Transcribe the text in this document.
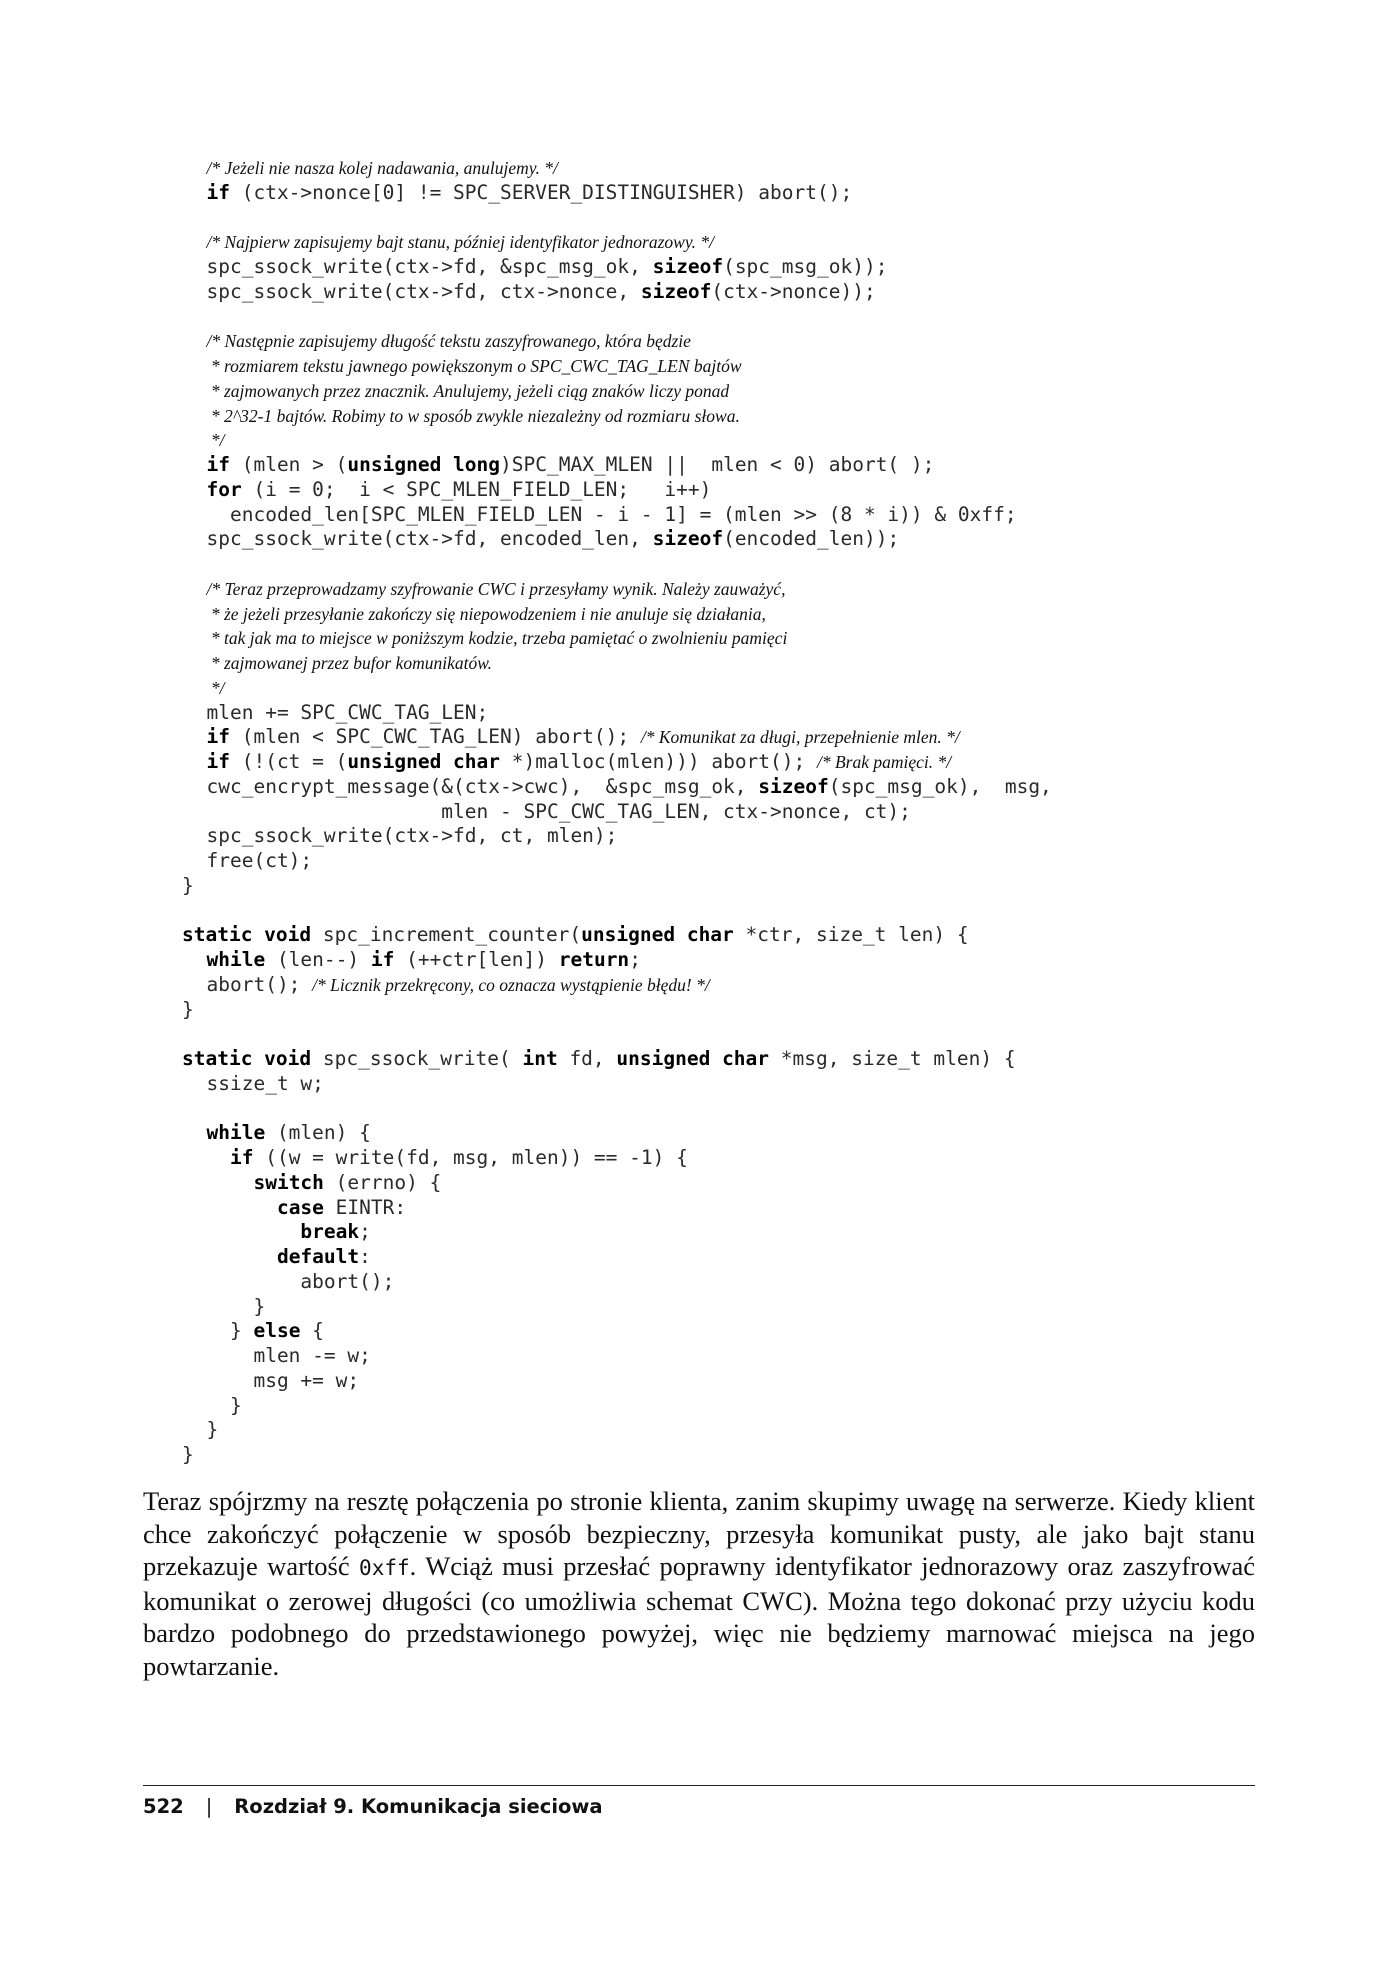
/* Jeżeli nie nasza kolej nadawania, anulujemy. */
if (ctx->nonce[0] != SPC_SERVER_DISTINGUISHER) abort();
/* Najpierw zapisujemy bajt stanu, później identyfikator jednorazowy. */
spc_ssock_write(ctx->fd, &spc_msg_ok, sizeof(spc_msg_ok));
spc_ssock_write(ctx->fd, ctx->nonce, sizeof(ctx->nonce));
/* Następnie zapisujemy długość tekstu zaszyfrowanego, która będzie
* rozmiarem tekstu jawnego powiększonym o SPC_CWC_TAG_LEN bajtów
* zajmowanych przez znacznik. Anulujemy, jeżeli ciąg znaków liczy ponad
* 2^32-1 bajtów. Robimy to w sposób zwykle niezależny od rozmiaru słowa.
*/
if (mlen > (unsigned long)SPC_MAX_MLEN ||  mlen < 0) abort( );
for (i = 0;  i < SPC_MLEN_FIELD_LEN;   i++)
encoded_len[SPC_MLEN_FIELD_LEN - i - 1] = (mlen >> (8 * i)) & 0xff;
spc_ssock_write(ctx->fd, encoded_len, sizeof(encoded_len));
/* Teraz przeprowadzamy szyfrowanie CWC i przesyłamy wynik. Należy zauważyć,
* że jeżeli przesyłanie zakończy się niepowodzeniem i nie anuluje się działania,
* tak jak ma to miejsce w poniższym kodzie, trzeba pamiętać o zwolnieniu pamięci
* zajmowanej przez bufor komunikatów.
*/
mlen += SPC_CWC_TAG_LEN;
if (mlen < SPC_CWC_TAG_LEN) abort(); /* Komunikat za długi, przepełnienie mlen. */
if (!(ct = (unsigned char *)malloc(mlen))) abort(); /* Brak pamięci. */
cwc_encrypt_message(&(ctx->cwc),  &spc_msg_ok, sizeof(spc_msg_ok),  msg,
mlen - SPC_CWC_TAG_LEN, ctx->nonce, ct);
spc_ssock_write(ctx->fd, ct, mlen);
free(ct);
}
static void spc_increment_counter(unsigned char *ctr, size_t len) {
while (len--) if (++ctr[len]) return;
abort(); /* Licznik przekręcony, co oznacza wystąpienie błędu! */
}
static void spc_ssock_write( int fd, unsigned char *msg, size_t mlen) {
ssize_t w;
while (mlen) {
if ((w = write(fd, msg, mlen)) == -1) {
switch (errno) {
case EINTR:
break;
default:
abort();
}
} else {
mlen -= w;
msg += w;
}
}
}

Teraz spójrzmy na resztę połączenia po stronie klienta, zanim skupimy uwagę na serwerze. Kiedy klient chce zakończyć połączenie w sposób bezpieczny, przesyła komunikat pusty, ale jako bajt stanu przekazuje wartość 0xff. Wciąż musi przesłać poprawny identyfikator jednorazowy oraz zaszyfrować komunikat o zerowej długości (co umożliwia schemat CWC). Można tego dokonać przy użyciu kodu bardzo podobnego do przedstawionego powyżej, więc nie będziemy marnować miejsca na jego powtarzanie.

522 | Rozdział 9. Komunikacja sieciowa
